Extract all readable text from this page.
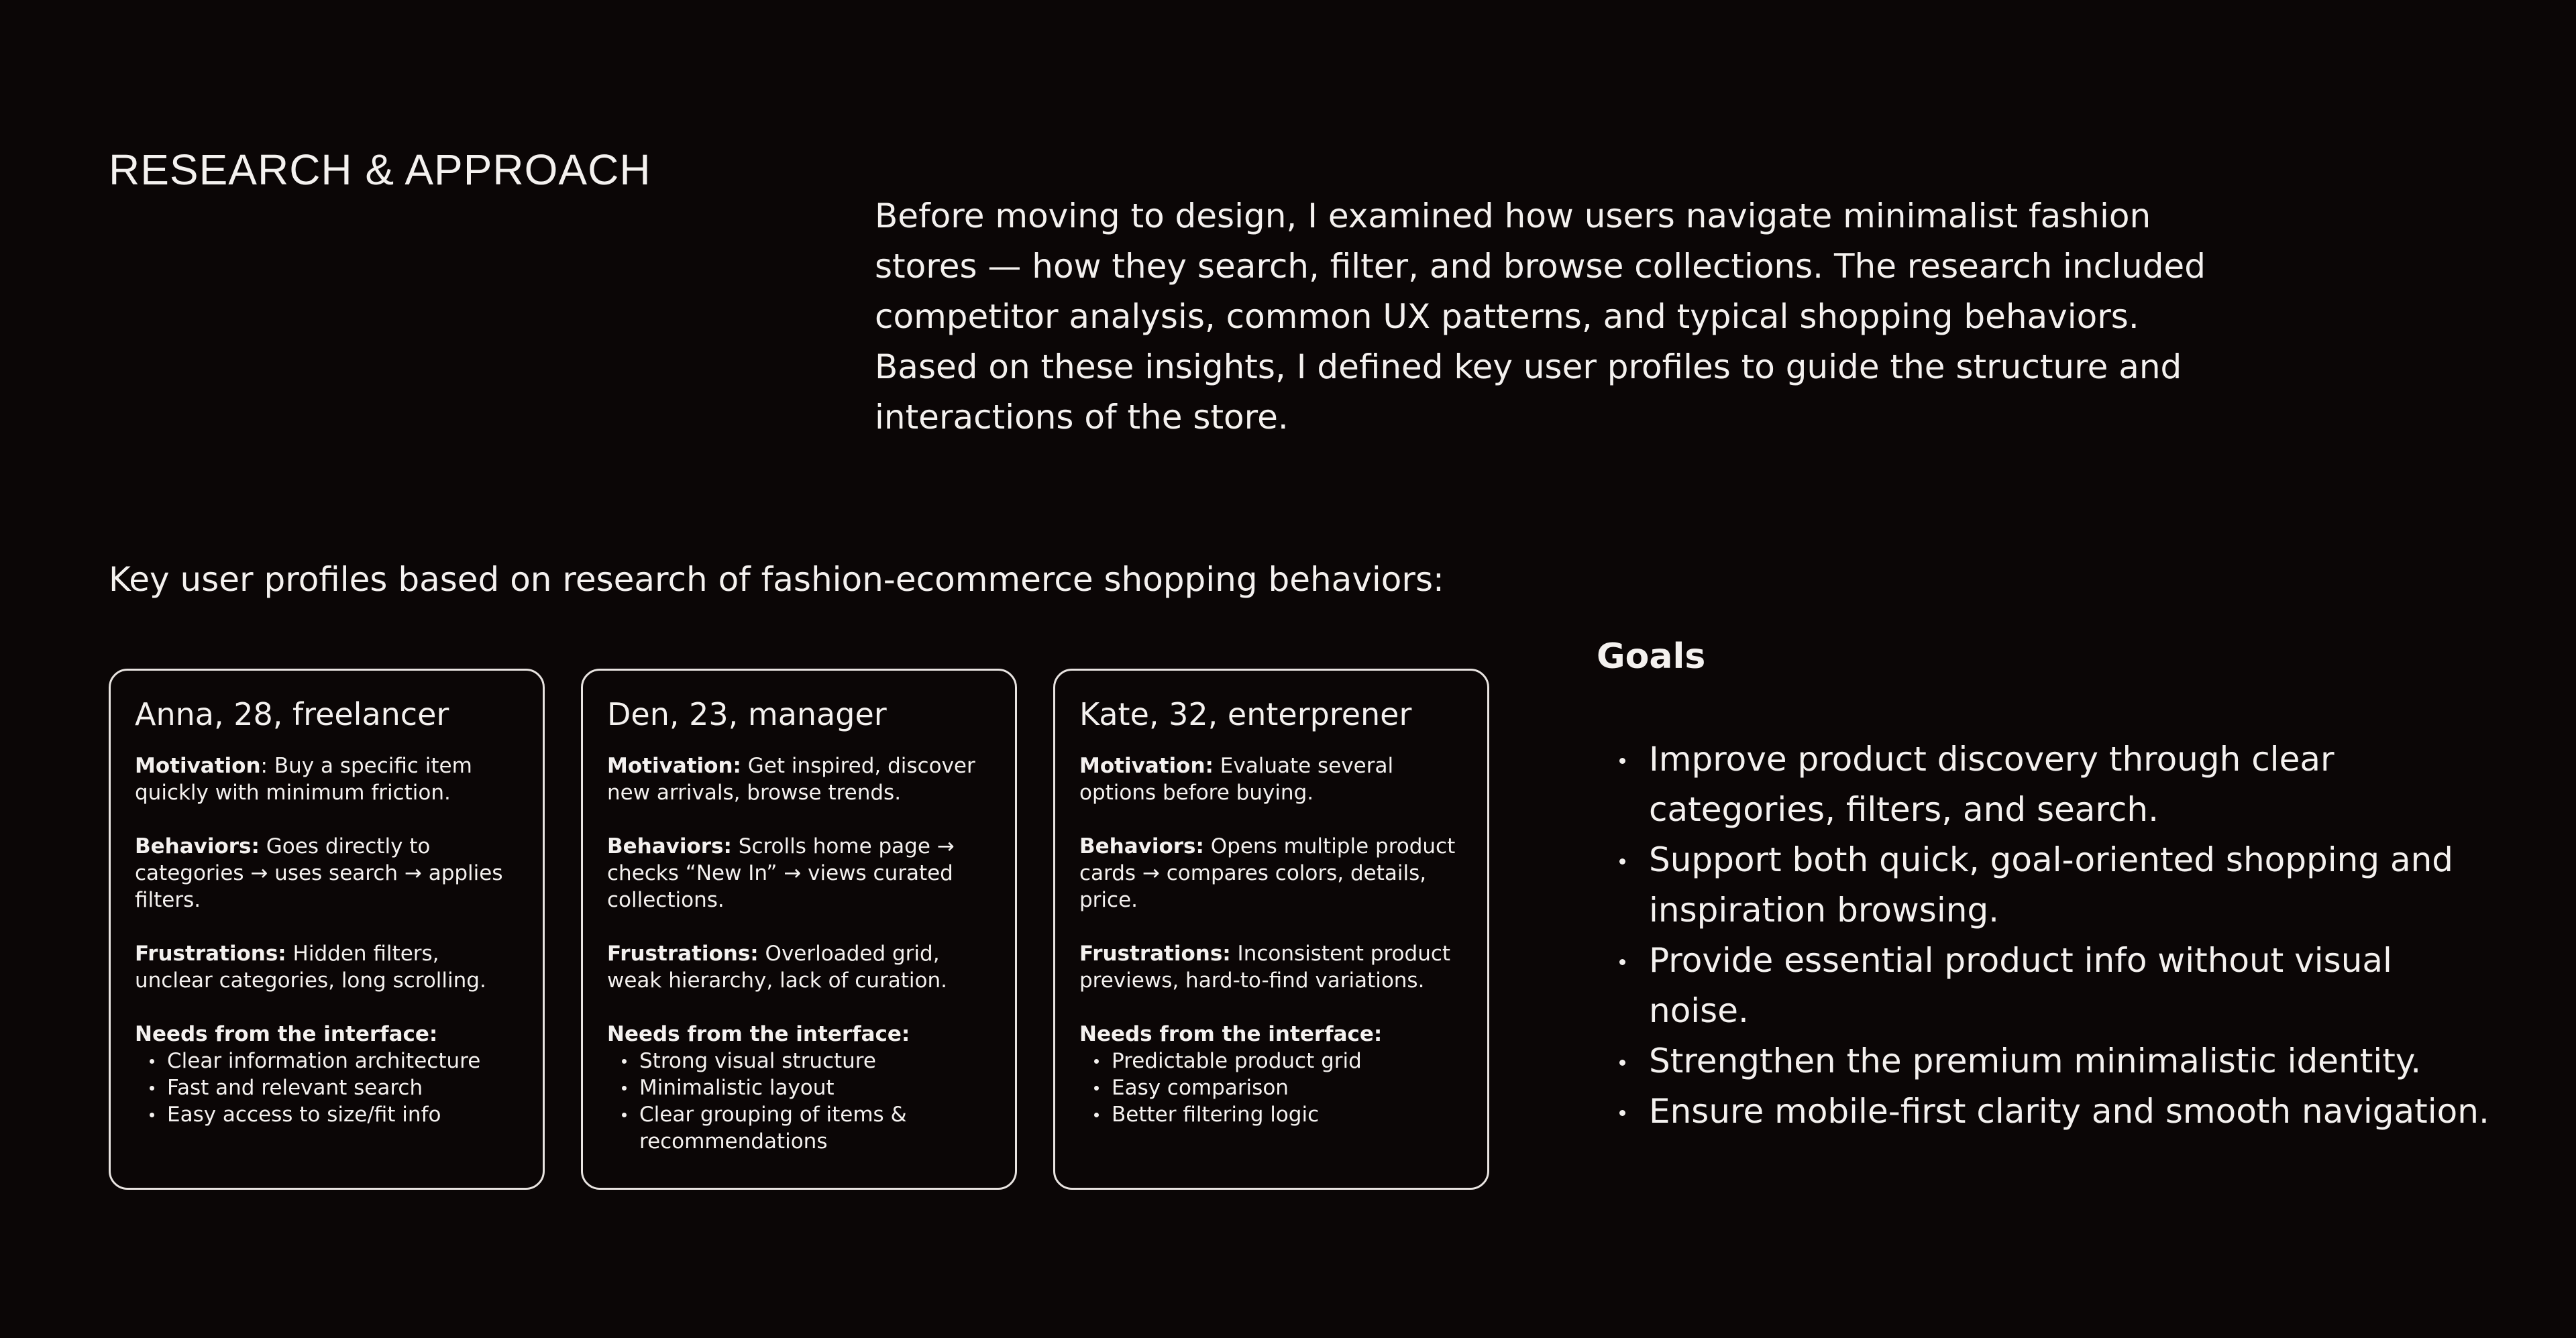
RESEARCH & APPROACH

Before moving to design, I examined how users navigate minimalist fashion stores — how they search, filter, and browse collections. The research included competitor analysis, common UX patterns, and typical shopping behaviors. Based on these insights, I defined key user profiles to guide the structure and interactions of the store.

Key user profiles based on research of fashion-ecommerce shopping behaviors:

Anna, 28, freelancer

Motivation: Buy a specific item quickly with minimum friction.

Behaviors: Goes directly to categories → uses search → applies filters.

Frustrations: Hidden filters, unclear categories, long scrolling.

Needs from the interface:

Clear information architecture
Fast and relevant search
Easy access to size/fit info
Den, 23, manager

Motivation: Get inspired, discover new arrivals, browse trends.

Behaviors: Scrolls home page → checks “New In” → views curated collections.

Frustrations: Overloaded grid, weak hierarchy, lack of curation.

Needs from the interface:

Strong visual structure
Minimalistic layout
Clear grouping of items & recommendations
Kate, 32, enterprener

Motivation: Evaluate several options before buying.

Behaviors: Opens multiple product cards → compares colors, details, price.

Frustrations: Inconsistent product previews, hard-to-find variations.

Needs from the interface:

Predictable product grid
Easy comparison
Better filtering logic
Goals
Improve product discovery through clear categories, filters, and search.
Support both quick, goal-oriented shopping and inspiration browsing.
Provide essential product info without visual noise.
Strengthen the premium minimalistic identity.
Ensure mobile-first clarity and smooth navigation.
